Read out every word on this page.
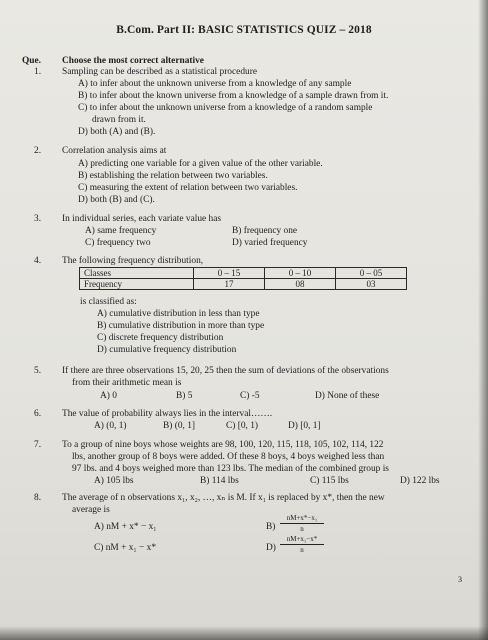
B.Com. Part II: BASIC STATISTICS QUIZ – 2018
Que. Choose the most correct alternative
1. Sampling can be described as a statistical procedure
A) to infer about the unknown universe from a knowledge of any sample
B) to infer about the known universe from a knowledge of a sample drawn from it.
C) to infer about the unknown universe from a knowledge of a random sample
drawn from it.
D) both (A) and (B).
2. Correlation analysis aims at
A) predicting one variable for a given value of the other variable.
B) establishing the relation between two variables.
C) measuring the extent of relation between two variables.
D) both (B) and (C).
3. In individual series, each variate value has
A) same frequency	B) frequency one
C) frequency two	D) varied frequency
4. The following frequency distribution,
Classes	0 – 15	0 – 10	0 – 05
Frequency	17	08	03
is classified as:
A) cumulative distribution in less than type
B) cumulative distribution in more than type
C) discrete frequency distribution
D) cumulative frequency distribution
5. If there are three observations 15, 20, 25 then the sum of deviations of the observations
from their arithmetic mean is
A) 0	B) 5	C) -5	D) None of these
6. The value of probability always lies in the interval…….
A) (0, 1)	B) (0, 1]	C) [0, 1)	D) [0, 1]
7. To a group of nine boys whose weights are 98, 100, 120, 115, 118, 105, 102, 114, 122
lbs, another group of 8 boys were added. Of these 8 boys, 4 boys weighed less than
97 lbs. and 4 boys weighed more than 123 lbs. The median of the combined group is
A) 105 lbs	B) 114 lbs	C) 115 lbs	D) 122 lbs
8. The average of n observations x₁, x₂, …, xₙ is M. If x₁ is replaced by x*, then the new
average is
A) nM + x* − x₁	B)
nM+x*−x₁
n
C) nM + x₁ − x*	D)
nM+x₁−x*
n
3
